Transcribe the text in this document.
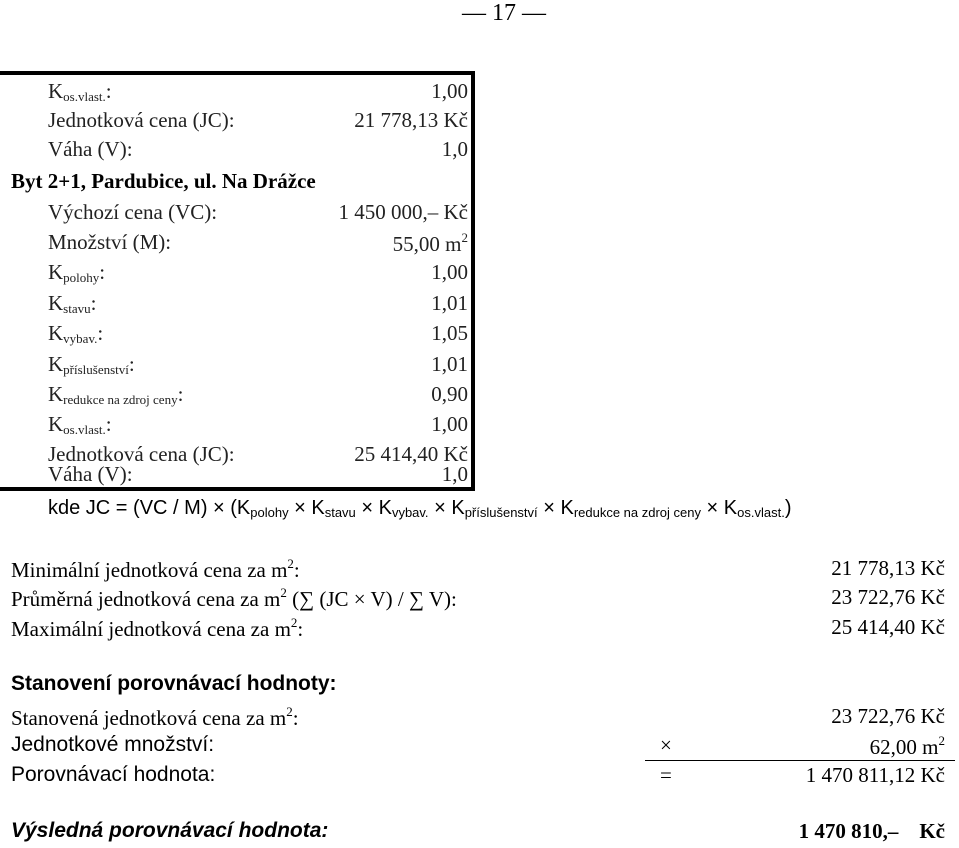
— 17 —
$K_{os.vlast.}$:	1,00
Jednotková cena (JC):	21 778,13 Kč
Váha (V):	1,0
Byt 2+1, Pardubice, ul. Na Drážce
Výchozí cena (VC):	1 450 000,– Kč
Množství (M):	55,00 $m^2$
$K_{polohy}$:	1,00
$K_{stavu}$:	1,01
$K_{vybav.}$:	1,05
$K_{příslušenství}$:	1,01
$K_{redukce na zdroj ceny}$:	0,90
$K_{os.vlast.}$:	1,00
Jednotková cena (JC):	25 414,40 Kč
Váha (V):	1,0
kde JC = $(VC / M) \times (K_{polohy} \times K_{stavu} \times K_{vybav.} \times K_{příslušenství} \times K_{redukce na zdroj ceny} \times K_{os.vlast.})$
Minimální jednotková cena za $m^2$:	21 778,13 Kč
Průměrná jednotková cena za $m^2$ (∑ (JC × V) / ∑ V):	23 722,76 Kč
Maximální jednotková cena za $m^2$:	25 414,40 Kč
Stanovení porovnávací hodnoty:
Stanovená jednotková cena za $m^2$:	23 722,76 Kč
Jednotkové množství:	×	62,00 $m^2$
Porovnávací hodnota:	=	1 470 811,12 Kč
Výsledná porovnávací hodnota:	1 470 810,– Kč
